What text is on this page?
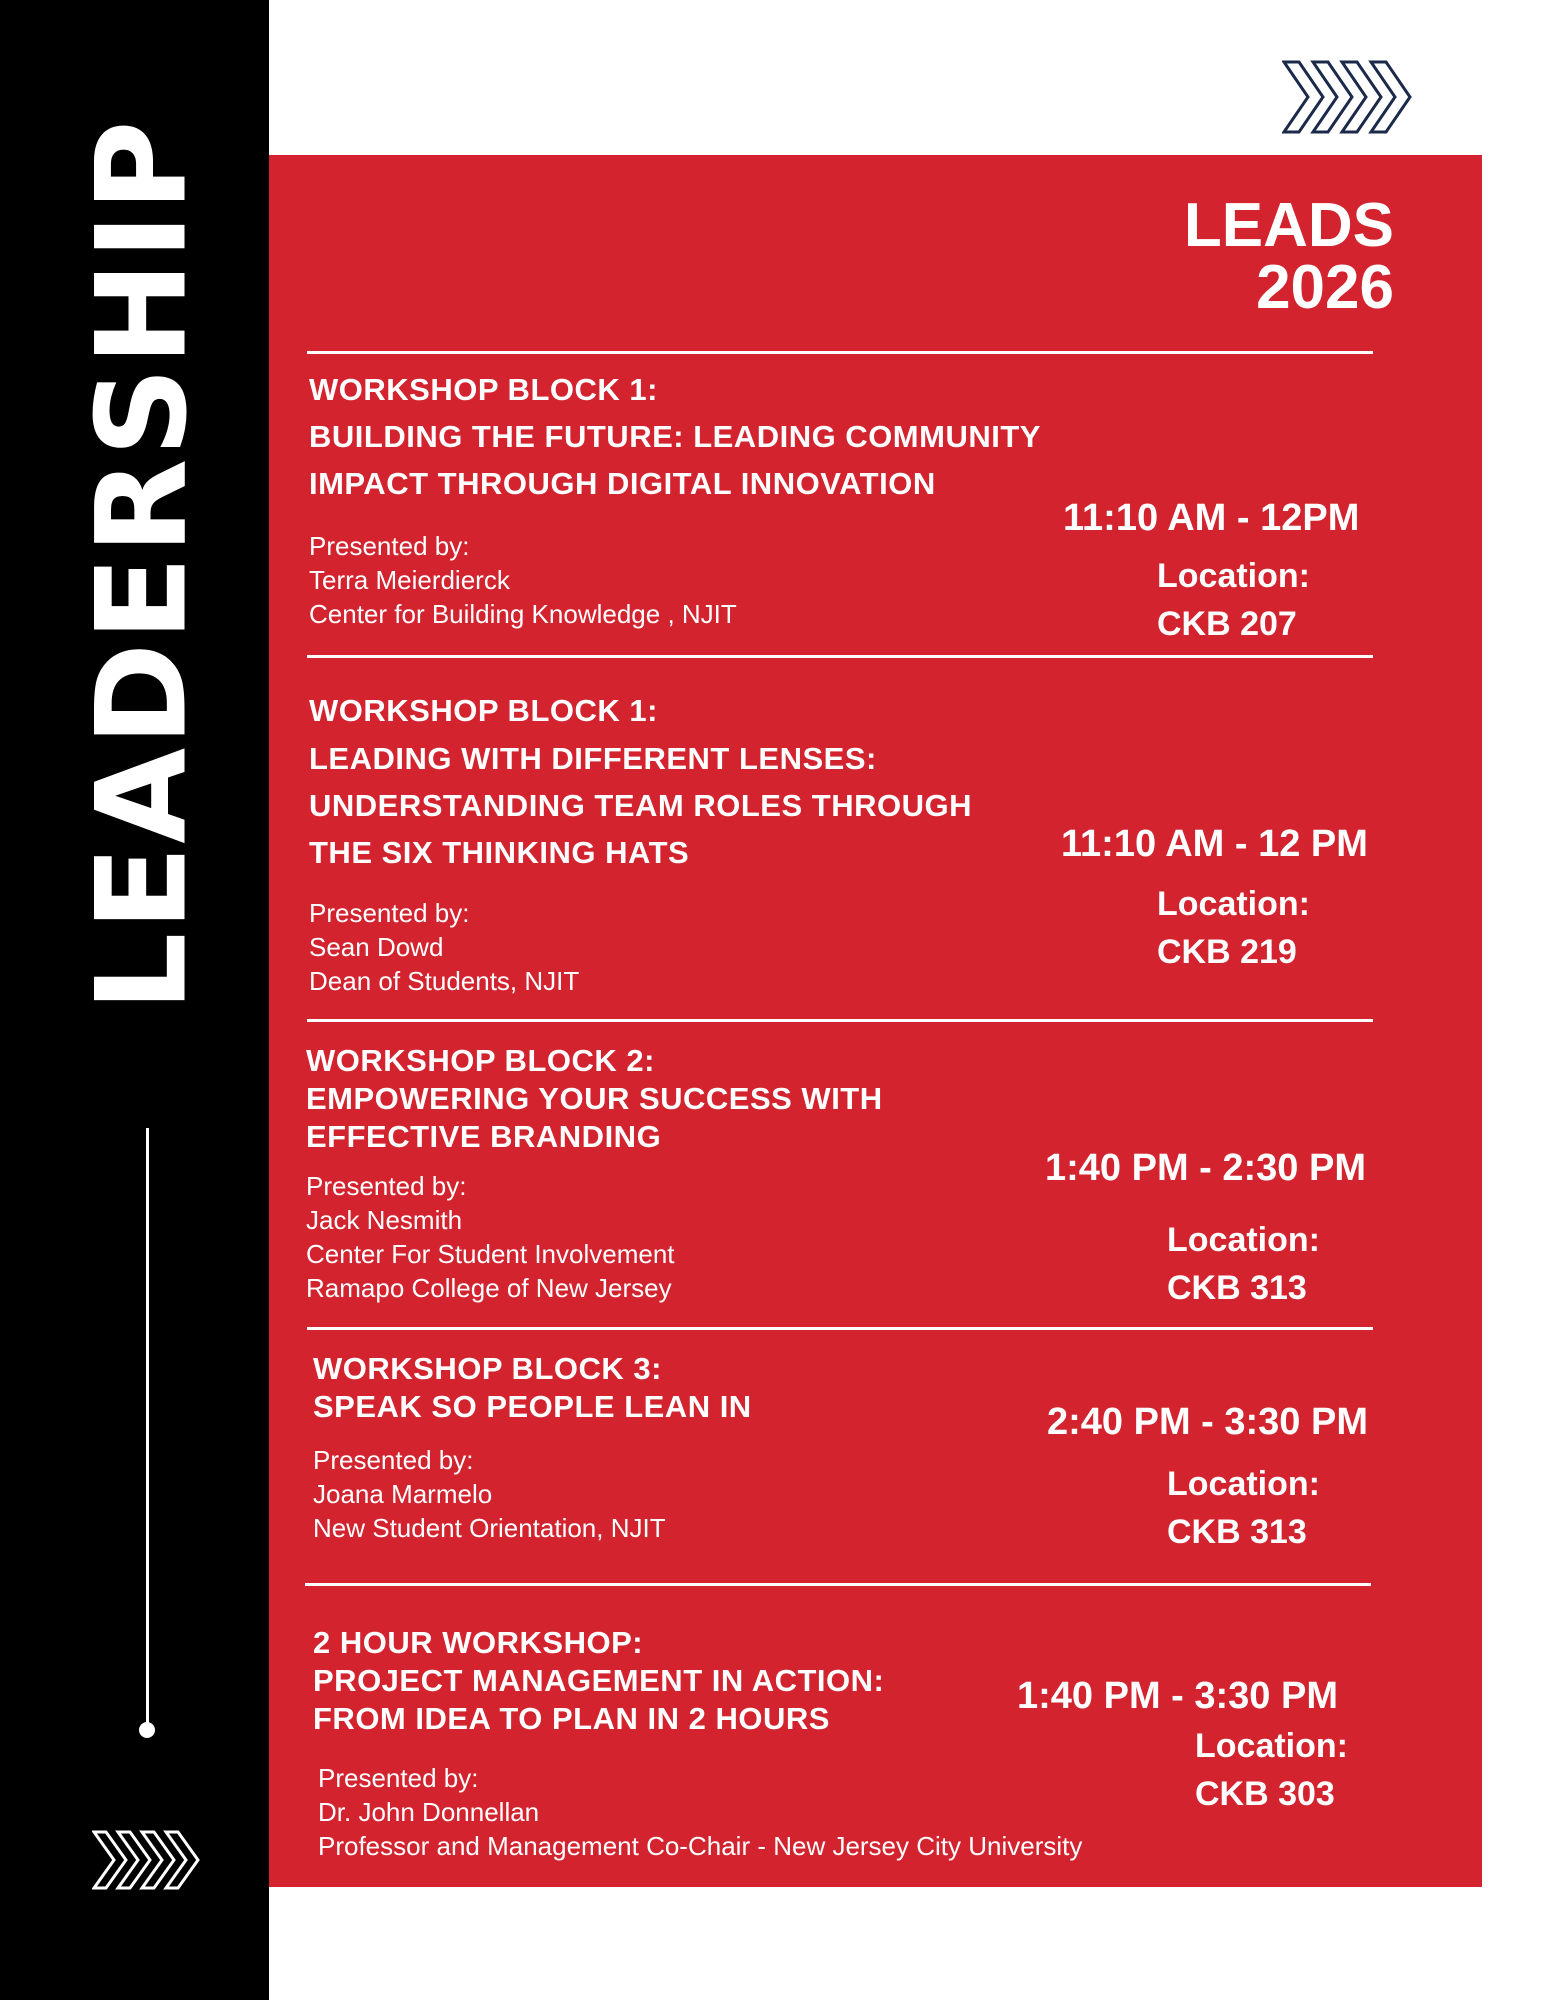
LEADERSHIP	LEADS
2026
WORKSHOP BLOCK 1:
BUILDING THE FUTURE: LEADING COMMUNITY
IMPACT THROUGH DIGITAL INNOVATION
Presented by:
Terra Meierdierck
Center for Building Knowledge , NJIT
11:10 AM - 12PM
Location:
CKB 207
WORKSHOP BLOCK 1:
LEADING WITH DIFFERENT LENSES:
UNDERSTANDING TEAM ROLES THROUGH
THE SIX THINKING HATS
Presented by:
Sean Dowd
Dean of Students, NJIT
11:10 AM - 12 PM
Location:
CKB 219
WORKSHOP BLOCK 2:
EMPOWERING YOUR SUCCESS WITH
EFFECTIVE BRANDING
Presented by:
Jack Nesmith
Center For Student Involvement
Ramapo College of New Jersey
1:40 PM - 2:30 PM
Location:
CKB 313
WORKSHOP BLOCK 3:
SPEAK SO PEOPLE LEAN IN
Presented by:
Joana Marmelo
New Student Orientation, NJIT
2:40 PM - 3:30 PM
Location:
CKB 313
2 HOUR WORKSHOP:
PROJECT MANAGEMENT IN ACTION:
FROM IDEA TO PLAN IN 2 HOURS
Presented by:
Dr. John Donnellan
Professor and Management Co-Chair - New Jersey City University
1:40 PM - 3:30 PM
Location:
CKB 303
